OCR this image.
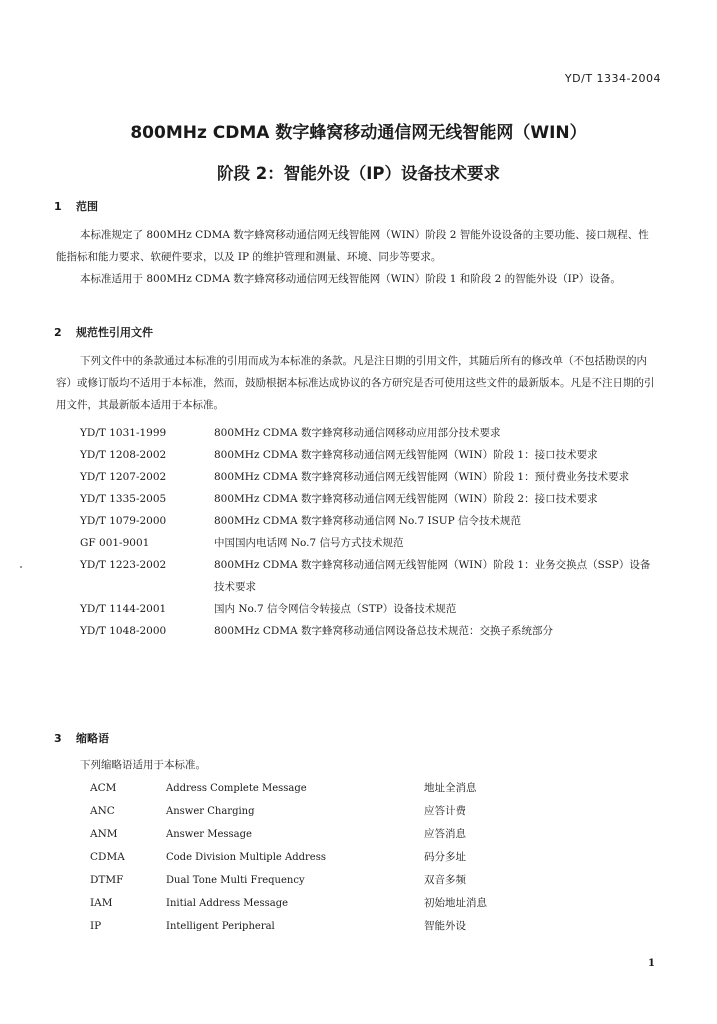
YD/T 1334-2004
800MHz CDMA 数字蜂窝移动通信网无线智能网（WIN）
阶段 2：智能外设（IP）设备技术要求
1 范围
本标准规定了 800MHz CDMA 数字蜂窝移动通信网无线智能网（WIN）阶段 2 智能外设设备的主要功能、接口规程、性能指标和能力要求、软硬件要求，以及 IP 的维护管理和测量、环境、同步等要求。
本标准适用于 800MHz CDMA 数字蜂窝移动通信网无线智能网（WIN）阶段 1 和阶段 2 的智能外设（IP）设备。
2 规范性引用文件
下列文件中的条款通过本标准的引用而成为本标准的条款。凡是注日期的引用文件，其随后所有的修改单（不包括勘误的内容）或修订版均不适用于本标准，然而，鼓励根据本标准达成协议的各方研究是否可使用这些文件的最新版本。凡是不注日期的引用文件，其最新版本适用于本标准。
YD/T 1031-1999	800MHz CDMA 数字蜂窝移动通信网移动应用部分技术要求
YD/T 1208-2002	800MHz CDMA 数字蜂窝移动通信网无线智能网（WIN）阶段 1：接口技术要求
YD/T 1207-2002	800MHz CDMA 数字蜂窝移动通信网无线智能网（WIN）阶段 1：预付费业务技术要求
YD/T 1335-2005	800MHz CDMA 数字蜂窝移动通信网无线智能网（WIN）阶段 2：接口技术要求
YD/T 1079-2000	800MHz CDMA 数字蜂窝移动通信网 No.7 ISUP 信令技术规范
GF 001-9001	中国国内电话网 No.7 信号方式技术规范
YD/T 1223-2002	800MHz CDMA 数字蜂窝移动通信网无线智能网（WIN）阶段 1：业务交换点（SSP）设备技术要求
YD/T 1144-2001	国内 No.7 信令网信令转接点（STP）设备技术规范
YD/T 1048-2000	800MHz CDMA 数字蜂窝移动通信网设备总技术规范：交换子系统部分
3 缩略语
下列缩略语适用于本标准。
ACM	Address Complete Message	地址全消息
ANC	Answer Charging	应答计费
ANM	Answer Message	应答消息
CDMA	Code Division Multiple Address	码分多址
DTMF	Dual Tone Multi Frequency	双音多频
IAM	Initial Address Message	初始地址消息
IP	Intelligent Peripheral	智能外设
1
